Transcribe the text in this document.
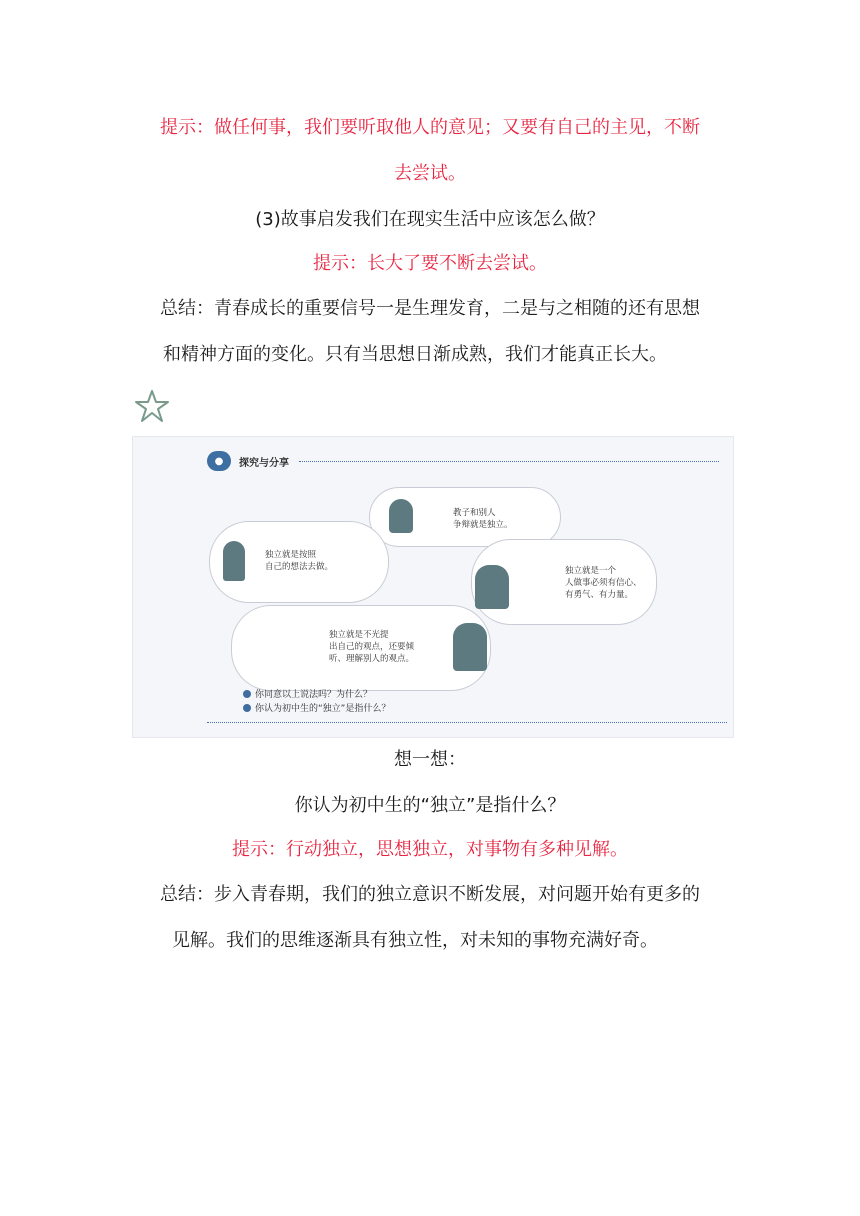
提示：做任何事，我们要听取他人的意见；又要有自己的主见，不断
去尝试。
(3)故事启发我们在现实生活中应该怎么做？
提示：长大了要不断去尝试。
总结：青春成长的重要信号一是生理发育，二是与之相随的还有思想
和精神方面的变化。只有当思想日渐成熟，我们才能真正长大。
●	探究与分享
教子和别人
争辩就是独立。
独立就是按照
自己的想法去做。	独立就是一个
人做事必须有信心、
有勇气、有力量。
独立就是不光提
出自己的观点，还要倾
听、理解别人的观点。
你同意以上说法吗？为什么？
你认为初中生的“独立”是指什么？
想一想：
你认为初中生的“独立”是指什么？
提示：行动独立，思想独立，对事物有多种见解。
总结：步入青春期，我们的独立意识不断发展，对问题开始有更多的
见解。我们的思维逐渐具有独立性，对未知的事物充满好奇。
